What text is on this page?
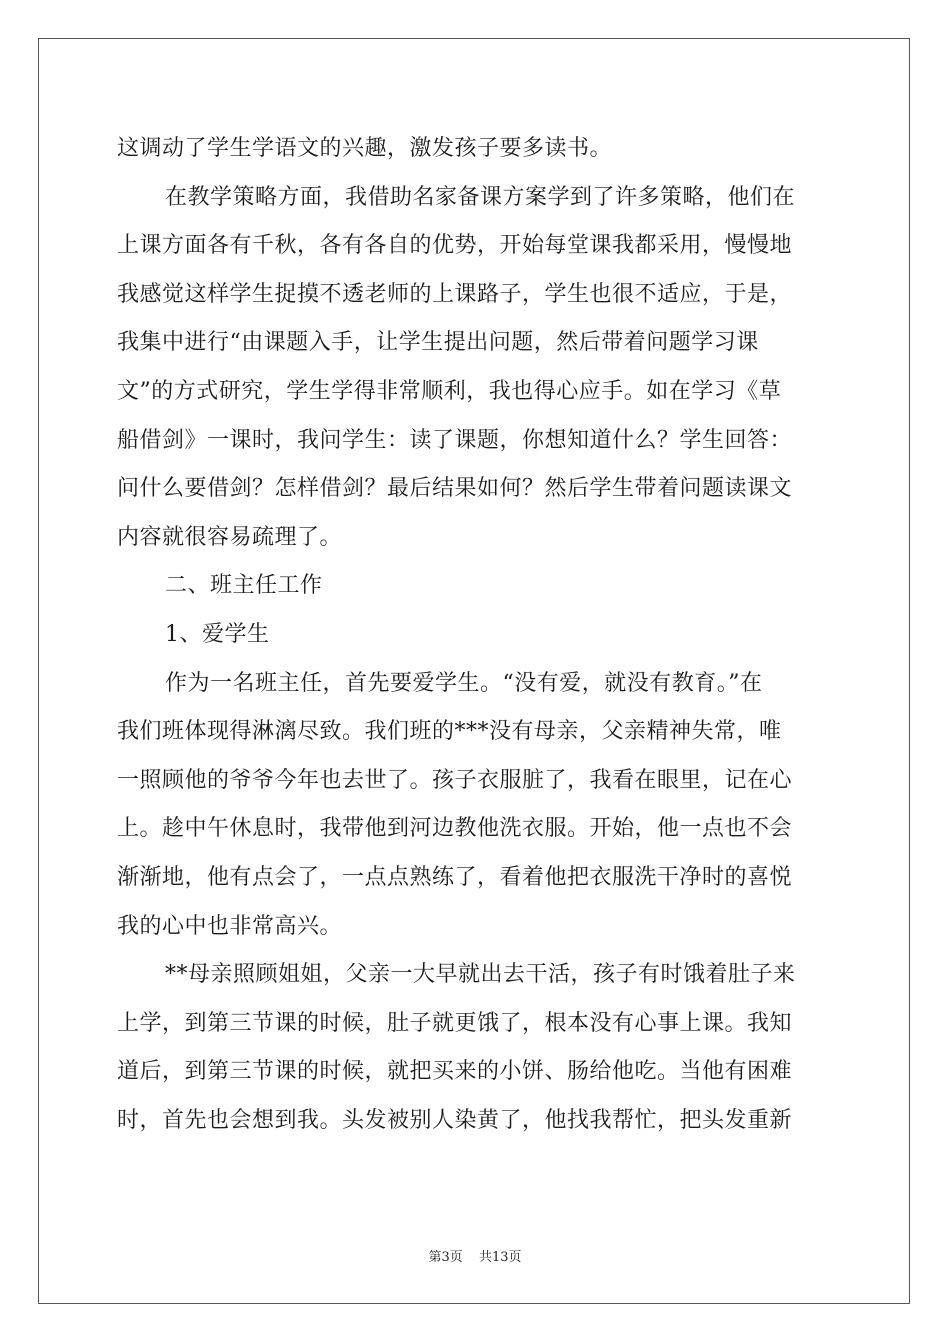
这调动了学生学语文的兴趣，激发孩子要多读书。
在教学策略方面，我借助名家备课方案学到了许多策略，他们在
上课方面各有千秋，各有各自的优势，开始每堂课我都采用，慢慢地
我感觉这样学生捉摸不透老师的上课路子，学生也很不适应，于是，
我集中进行“由课题入手，让学生提出问题，然后带着问题学习课
文”的方式研究，学生学得非常顺利，我也得心应手。如在学习《草
船借剑》一课时，我问学生：读了课题，你想知道什么？学生回答：
问什么要借剑？怎样借剑？最后结果如何？然后学生带着问题读课文
内容就很容易疏理了。
二、班主任工作
1、爱学生
作为一名班主任，首先要爱学生。“没有爱，就没有教育。”在
我们班体现得淋漓尽致。我们班的***没有母亲，父亲精神失常，唯
一照顾他的爷爷今年也去世了。孩子衣服脏了，我看在眼里，记在心
上。趁中午休息时，我带他到河边教他洗衣服。开始，他一点也不会
渐渐地，他有点会了，一点点熟练了，看着他把衣服洗干净时的喜悦
我的心中也非常高兴。
**母亲照顾姐姐，父亲一大早就出去干活，孩子有时饿着肚子来
上学，到第三节课的时候，肚子就更饿了，根本没有心事上课。我知
道后，到第三节课的时候，就把买来的小饼、肠给他吃。当他有困难
时，首先也会想到我。头发被别人染黄了，他找我帮忙，把头发重新
第3页 共13页
